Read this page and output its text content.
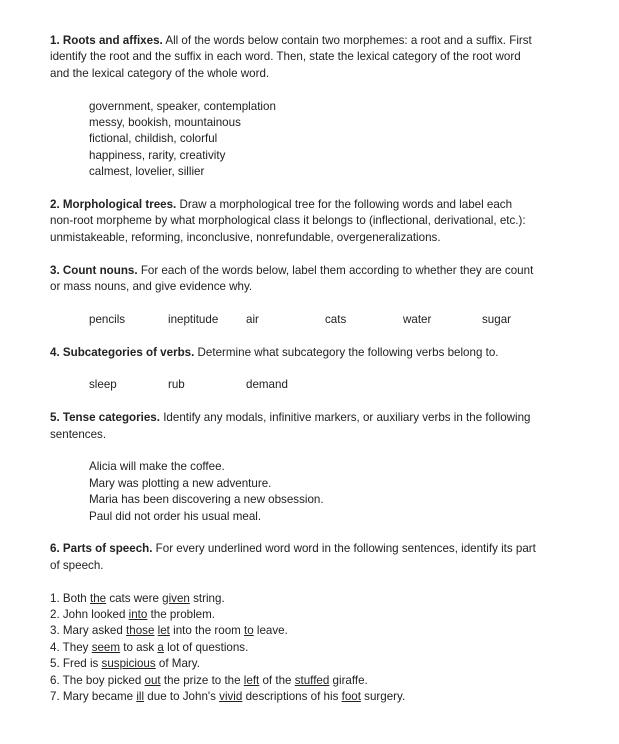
1. Roots and affixes. All of the words below contain two morphemes: a root and a suffix. First
identify the root and the suffix in each word. Then, state the lexical category of the root word
and the lexical category of the whole word.

government, speaker, contemplation
messy, bookish, mountainous
fictional, childish, colorful
happiness, rarity, creativity
calmest, lovelier, sillier

2. Morphological trees. Draw a morphological tree for the following words and label each
non-root morpheme by what morphological class it belongs to (inflectional, derivational, etc.):
unmistakeable, reforming, inconclusive, nonrefundable, overgeneralizations.

3. Count nouns. For each of the words below, label them according to whether they are count
or mass nouns, and give evidence why.

pencils	ineptitude air	cats	water	sugar

4. Subcategories of verbs. Determine what subcategory the following verbs belong to.

sleep	rub	demand

5. Tense categories. Identify any modals, infinitive markers, or auxiliary verbs in the following
sentences.

Alicia will make the coffee.
Mary was plotting a new adventure.
Maria has been discovering a new obsession.
Paul did not order his usual meal.

6. Parts of speech. For every underlined word word in the following sentences, identify its part
of speech.

1. Both the cats were given string.
2. John looked into the problem.
3. Mary asked those let into the room to leave.
4. They seem to ask a lot of questions.
5. Fred is suspicious of Mary.
6. The boy picked out the prize to the left of the stuffed giraffe.
7. Mary became ill due to John's vivid descriptions of his foot surgery.
